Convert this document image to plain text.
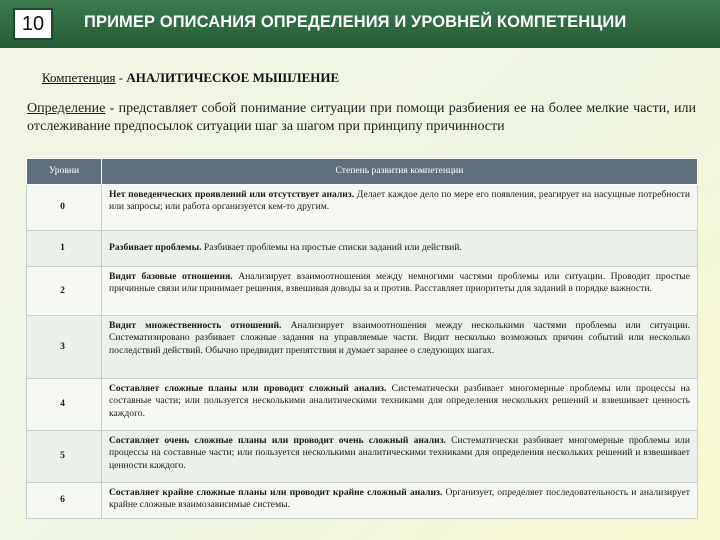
10	ПРИМЕР ОПИСАНИЯ ОПРЕДЕЛЕНИЯ И УРОВНЕЙ КОМПЕТЕНЦИИ
Компетенция - АНАЛИТИЧЕСКОЕ МЫШЛЕНИЕ
Определение - представляет собой понимание ситуации при помощи разбиения ее на более мелкие части, или отслеживание предпосылок ситуации шаг за шагом при принципу причинности
Уровни	Степень развития компетенции
0	Нет поведенческих проявлений или отсутствует анализ. Делает каждое дело по мере его появления, реагирует на насущные потребности или запросы; или работа организуется кем-то другим.
1	Разбивает проблемы. Разбивает проблемы на простые списки заданий или действий.
2	Видит базовые отношения. Анализирует взаимоотношения между немногими частями проблемы или ситуации. Проводит простые причинные связи или принимает решения, взвешивая доводы за и против. Расставляет приоритеты для заданий в порядке важности.
3	Видит множественность отношений. Анализирует взаимоотношения между несколькими частями проблемы или ситуации. Систематизировано разбивает сложные задания на управляемые части. Видит несколько возможных причин событий или несколько последствий действий. Обычно предвидит препятствия и думает заранее о следующих шагах.
4	Составляет сложные планы или проводит сложный анализ. Систематически разбивает многомерные проблемы или процессы на составные части; или пользуется несколькими аналитическими техниками для определения нескольких решений и взвешивает ценность каждого.
5	Составляет очень сложные планы или проводит очень сложный анализ. Систематически разбивает многомерные проблемы или процессы на составные части; или пользуется несколькими аналитическими техниками для определения нескольких решений и взвешивает ценности каждого.
6	Составляет крайне сложные планы или проводит крайне сложный анализ. Организует, определяет последовательность и анализирует крайне сложные взаимозависимые системы.
